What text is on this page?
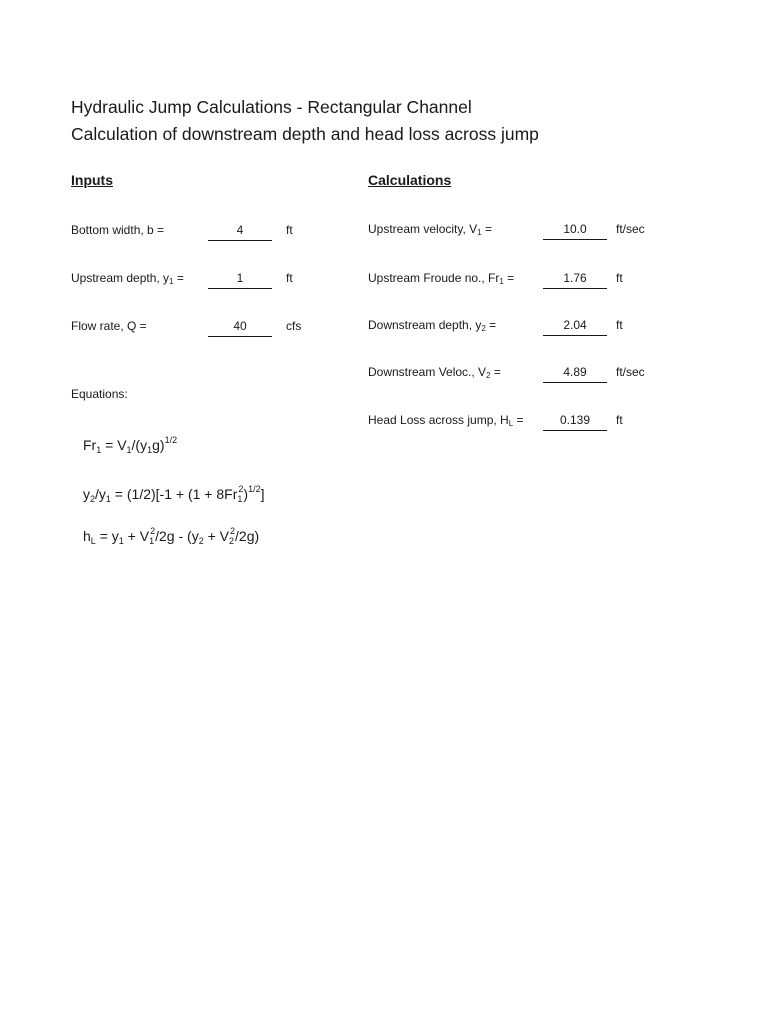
Hydraulic Jump Calculations - Rectangular Channel
Calculation of downstream depth and head loss across jump
Inputs	Calculations
Bottom width, b =	4	ft
Upstream depth, $y_1$ =	1	ft
Flow rate, Q =	40	cfs
Upstream velocity, $V_1$ =	10.0	ft/sec
Upstream Froude no., $Fr_1$ =	1.76	ft
Downstream depth, $y_2$ =	2.04	ft
Downstream Veloc., $V_2$ =	4.89	ft/sec
Head Loss across jump, $H_L$ =	0.139	ft
Equations:
$Fr_1 = V_1/(y_1g)^{1/2}$
$y_2/y_1 = (1/2)[-1 + (1 + 8Fr_1^2)^{1/2}]$
$h_L = y_1 + V_1^2/2g - (y_2 + V_2^2/2g)$
